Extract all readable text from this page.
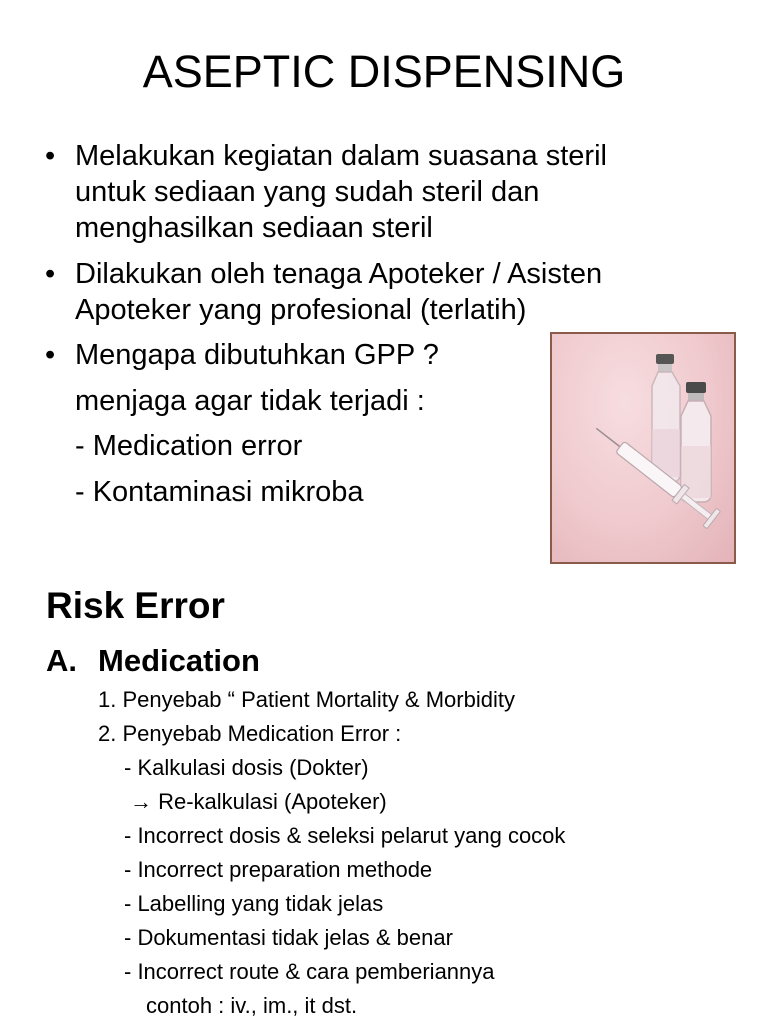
ASEPTIC DISPENSING
• Melakukan kegiatan dalam suasana steril
untuk sediaan yang sudah steril dan
menghasilkan sediaan steril
• Dilakukan oleh tenaga Apoteker / Asisten
Apoteker yang profesional (terlatih)
• Mengapa dibutuhkan GPP ?
menjaga agar tidak terjadi :
- Medication error
- Kontaminasi mikroba
Risk Error
A. Medication
1. Penyebab “ Patient Mortality & Morbidity
2. Penyebab Medication Error :
- Kalkulasi dosis (Dokter)
→ Re-kalkulasi (Apoteker)
- Incorrect dosis & seleksi pelarut yang cocok
- Incorrect preparation methode
- Labelling yang tidak jelas
- Dokumentasi tidak jelas & benar
- Incorrect route & cara pemberiannya
contoh : iv., im., it dst.
